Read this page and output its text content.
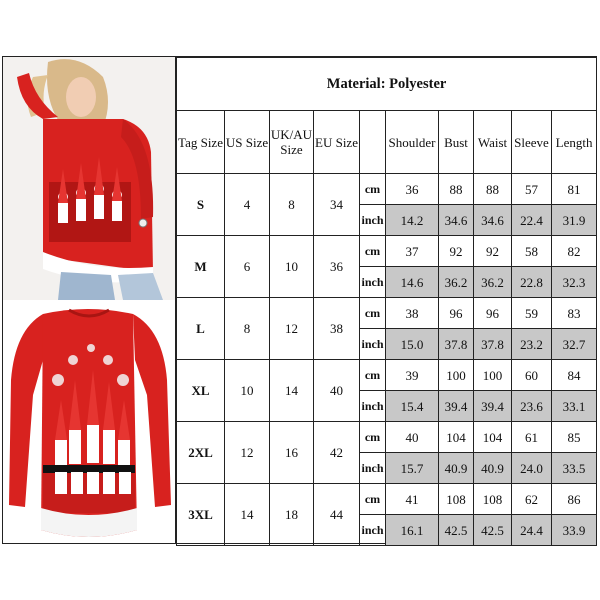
Material: Polyester									
Tag Size	US Size	UK/AU Size	EU Size		Shoulder	Bust	Waist	Sleeve	Length
S	4	8	34	cm	36	88	88	57	81
				inch	14.2	34.6	34.6	22.4	31.9
M	6	10	36	cm	37	92	92	58	82
				inch	14.6	36.2	36.2	22.8	32.3
L	8	12	38	cm	38	96	96	59	83
				inch	15.0	37.8	37.8	23.2	32.7
XL	10	14	40	cm	39	100	100	60	84
				inch	15.4	39.4	39.4	23.6	33.1
2XL	12	16	42	cm	40	104	104	61	85
				inch	15.7	40.9	40.9	24.0	33.5
3XL	14	18	44	cm	41	108	108	62	86
				inch	16.1	42.5	42.5	24.4	33.9
